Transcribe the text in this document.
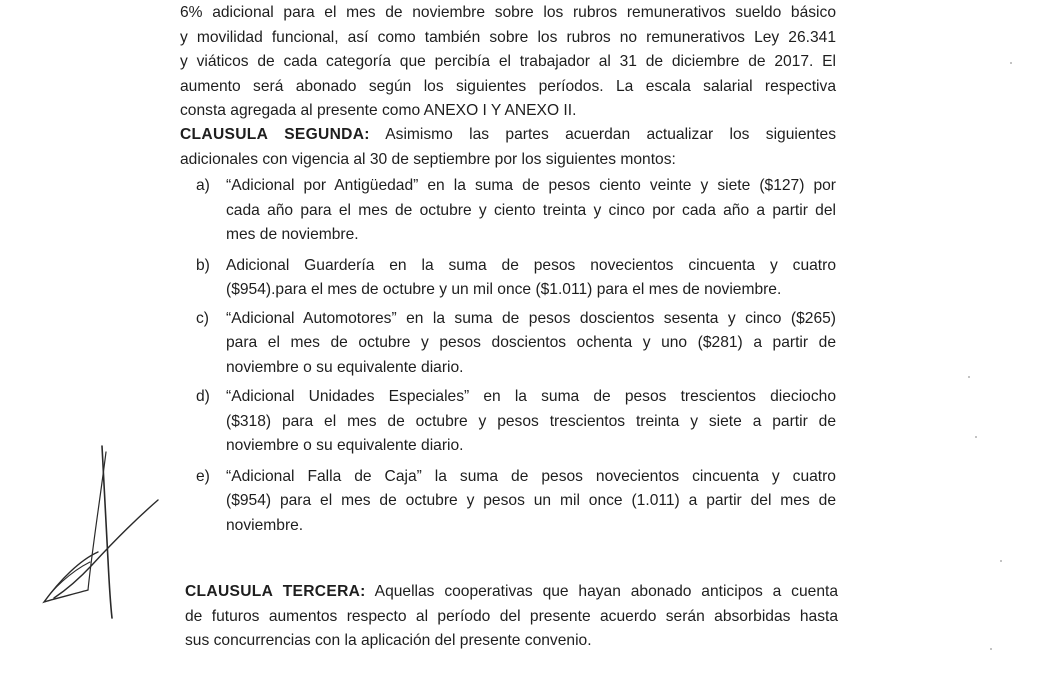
6% adicional para el mes de noviembre sobre los rubros remunerativos sueldo básico
y movilidad funcional, así como también sobre los rubros no remunerativos Ley 26.341
y viáticos de cada categoría que percibía el trabajador al 31 de diciembre de 2017. El
aumento será abonado según los siguientes períodos. La escala salarial respectiva
consta agregada al presente como ANEXO I Y ANEXO II.

CLAUSULA SEGUNDA: Asimismo las partes acuerdan actualizar los siguientes
adicionales con vigencia al 30 de septiembre por los siguientes montos:

a) “Adicional por Antigüedad” en la suma de pesos ciento veinte y siete ($127) por
cada año para el mes de octubre y ciento treinta y cinco por cada año a partir del
mes de noviembre.
b) Adicional Guardería en la suma de pesos novecientos cincuenta y cuatro
($954).para el mes de octubre y un mil once ($1.011) para el mes de noviembre.
c) “Adicional Automotores” en la suma de pesos doscientos sesenta y cinco ($265)
para el mes de octubre y pesos doscientos ochenta y uno ($281) a partir de
noviembre o su equivalente diario.
d) “Adicional Unidades Especiales” en la suma de pesos trescientos dieciocho
($318) para el mes de octubre y pesos trescientos treinta y siete a partir de
noviembre o su equivalente diario.
e) “Adicional Falla de Caja” la suma de pesos novecientos cincuenta y cuatro
($954) para el mes de octubre y pesos un mil once (1.011) a partir del mes de
noviembre.

CLAUSULA TERCERA: Aquellas cooperativas que hayan abonado anticipos a cuenta
de futuros aumentos respecto al período del presente acuerdo serán absorbidas hasta
sus concurrencias con la aplicación del presente convenio.
